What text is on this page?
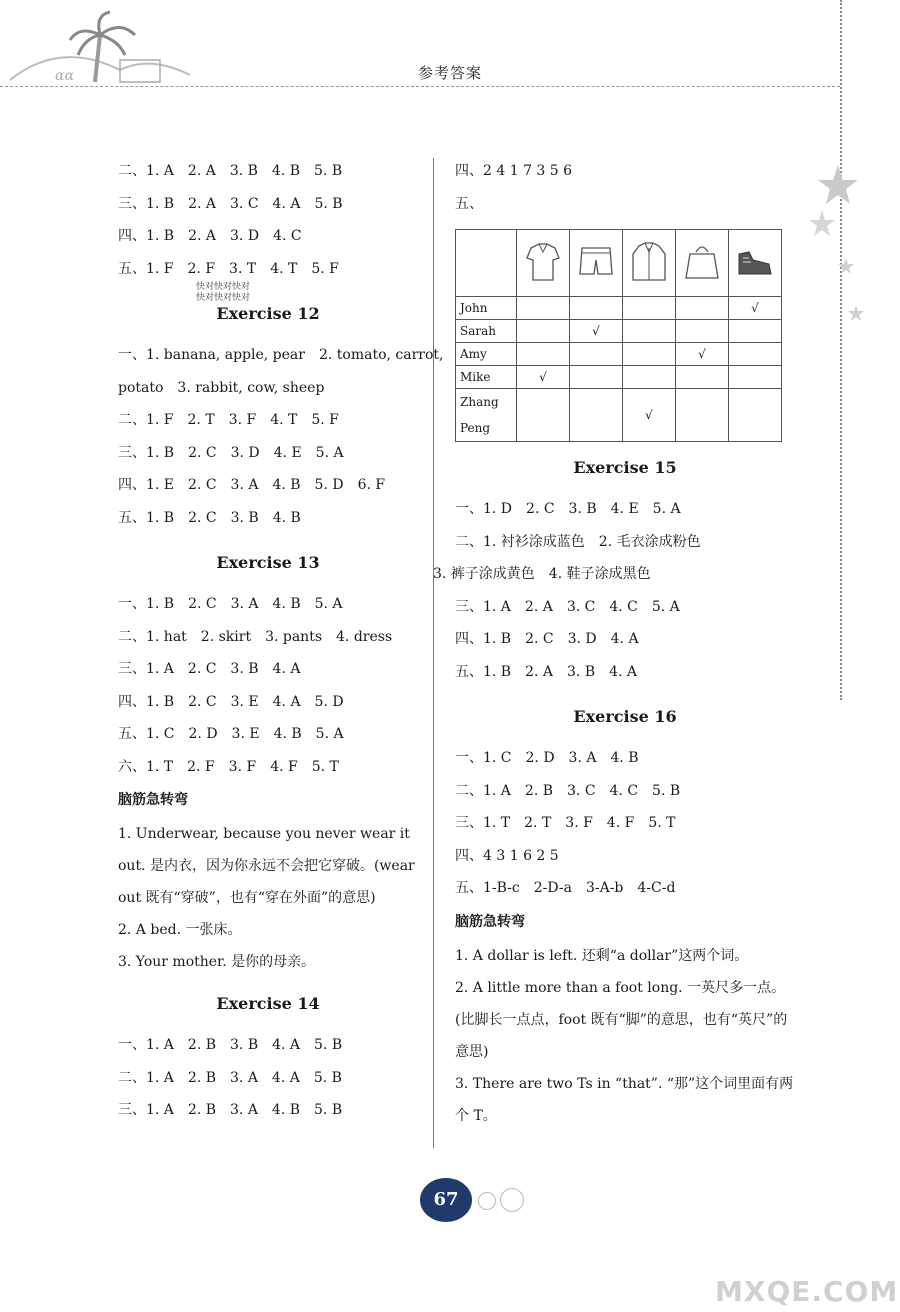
αα	参考答案
二、1. A　2. A　3. B　4. B　5. B
三、1. B　2. A　3. C　4. A　5. B
四、1. B　2. A　3. D　4. C
五、1. F　2. F　3. T　4. T　5. F
快对快对快对
快对快对快对
Exercise 12
一、1. banana, apple, pear　2. tomato, carrot,
potato　3. rabbit, cow, sheep
二、1. F　2. T　3. F　4. T　5. F
三、1. B　2. C　3. D　4. E　5. A
四、1. E　2. C　3. A　4. B　5. D　6. F
五、1. B　2. C　3. B　4. B
Exercise 13
一、1. B　2. C　3. A　4. B　5. A
二、1. hat　2. skirt　3. pants　4. dress
三、1. A　2. C　3. B　4. A
四、1. B　2. C　3. E　4. A　5. D
五、1. C　2. D　3. E　4. B　5. A
六、1. T　2. F　3. F　4. F　5. T
脑筋急转弯
1. Underwear, because you never wear it out. 是内衣，因为你永远不会把它穿破。(wear out 既有“穿破”，也有“穿在外面”的意思)
2. A bed. 一张床。
3. Your mother. 是你的母亲。
Exercise 14
一、1. A　2. B　3. B　4. A　5. B
二、1. A　2. B　3. A　4. A　5. B
三、1. A　2. B　3. A　4. B　5. B
四、2 4 1 7 3 5 6
五、

John					√
Sarah		√			
Amy				√	
Mike	√				
Zhang Peng			√		
Exercise 15
一、1. D　2. C　3. B　4. E　5. A
二、1. 衬衫涂成蓝色　2. 毛衣涂成粉色
3. 裤子涂成黄色　4. 鞋子涂成黑色
三、1. A　2. A　3. C　4. C　5. A
四、1. B　2. C　3. D　4. A
五、1. B　2. A　3. B　4. A
Exercise 16
一、1. C　2. D　3. A　4. B
二、1. A　2. B　3. C　4. C　5. B
三、1. T　2. T　3. F　4. F　5. T
四、4 3 1 6 2 5
五、1-B-c　2-D-a　3-A-b　4-C-d
脑筋急转弯
1. A dollar is left. 还剩“a dollar”这两个词。
2. A little more than a foot long. 一英尺多一点。(比脚长一点点，foot 既有“脚”的意思，也有“英尺”的意思)
3. There are two Ts in “that”. “那”这个词里面有两个 T。
67
MXQE.COM
